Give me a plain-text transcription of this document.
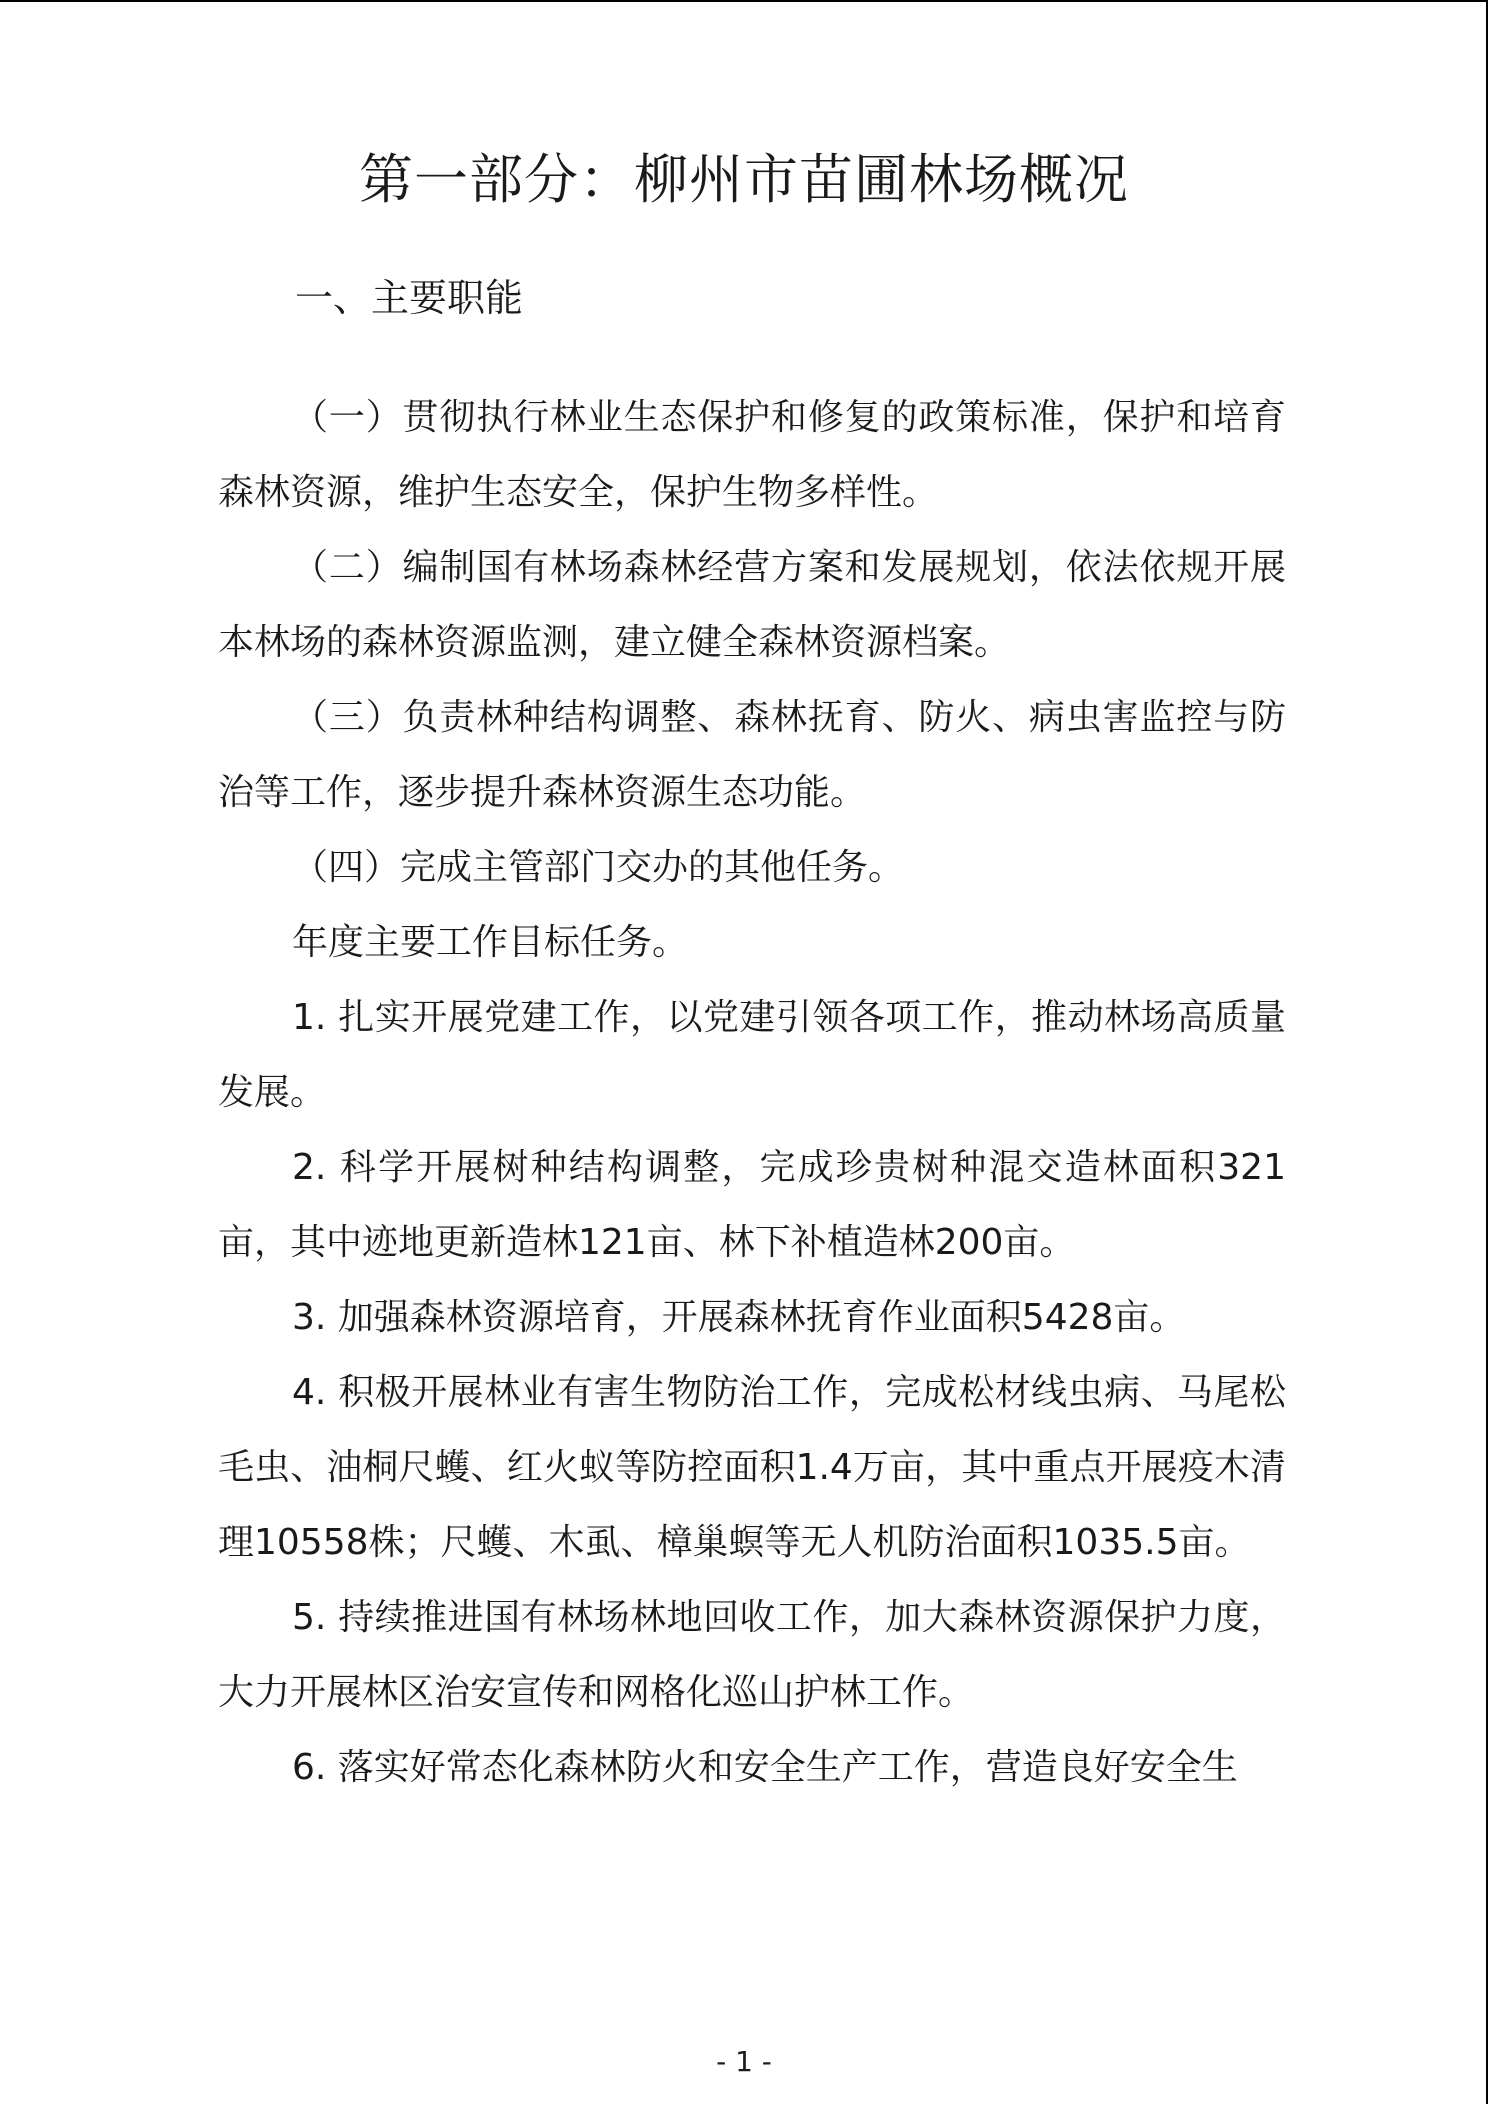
第一部分：柳州市苗圃林场概况
一、主要职能

（一）贯彻执行林业生态保护和修复的政策标准，保护和培育森林资源，维护生态安全，保护生物多样性。

（二）编制国有林场森林经营方案和发展规划，依法依规开展本林场的森林资源监测，建立健全森林资源档案。

（三）负责林种结构调整、森林抚育、防火、病虫害监控与防治等工作，逐步提升森林资源生态功能。

（四）完成主管部门交办的其他任务。

年度主要工作目标任务。

1. 扎实开展党建工作，以党建引领各项工作，推动林场高质量发展。

2. 科学开展树种结构调整，完成珍贵树种混交造林面积321亩，其中迹地更新造林121亩、林下补植造林200亩。

3. 加强森林资源培育，开展森林抚育作业面积5428亩。

4. 积极开展林业有害生物防治工作，完成松材线虫病、马尾松毛虫、油桐尺蠖、红火蚁等防控面积1.4万亩，其中重点开展疫木清理10558株；尺蠖、木虱、樟巢螟等无人机防治面积1035.5亩。

5. 持续推进国有林场林地回收工作，加大森林资源保护力度，大力开展林区治安宣传和网格化巡山护林工作。

6. 落实好常态化森林防火和安全生产工作，营造良好安全生

- 1 -
